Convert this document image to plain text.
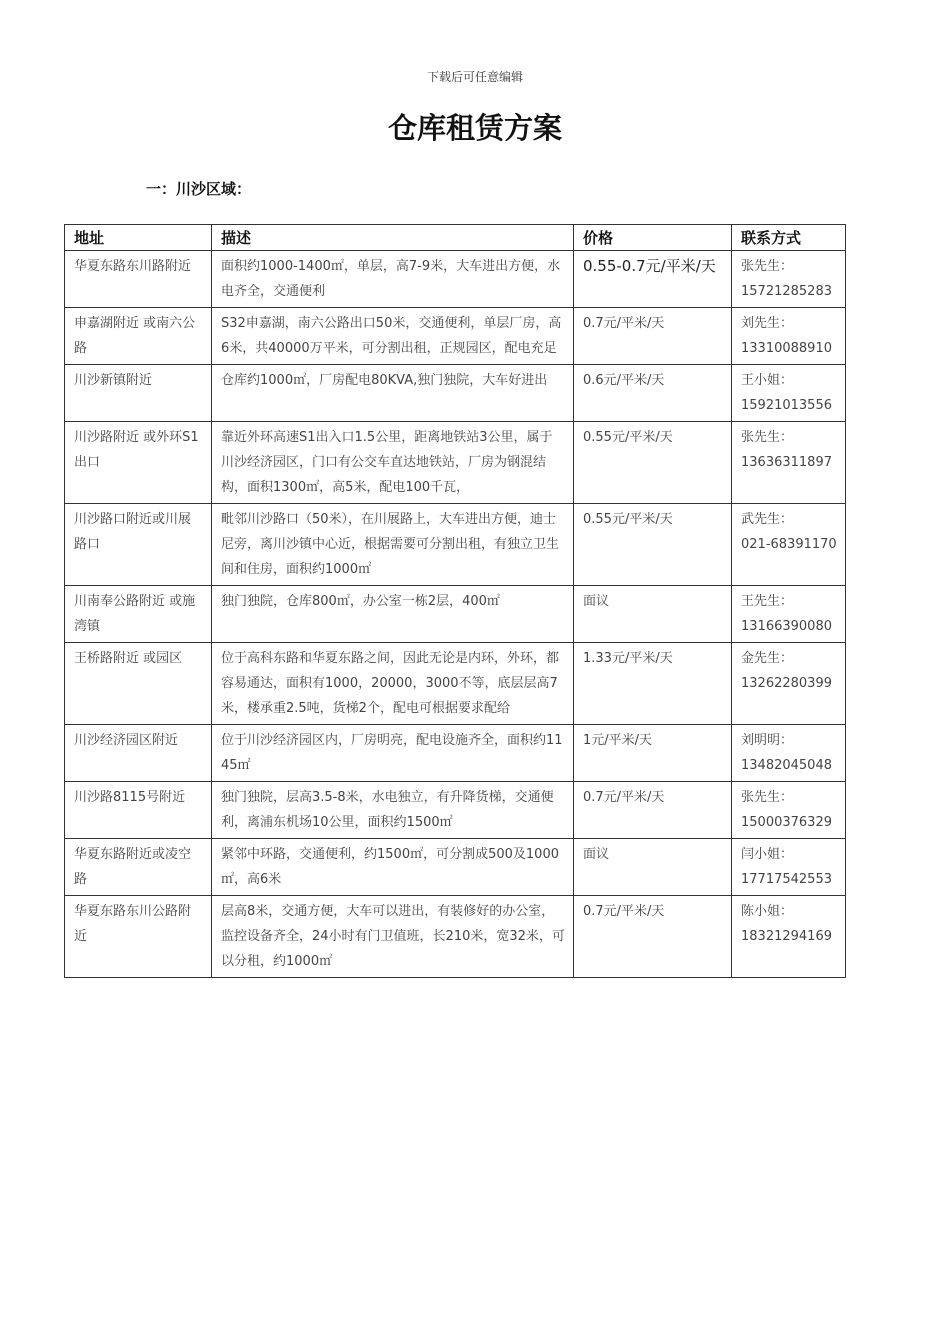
下载后可任意编辑
仓库租赁方案
一：川沙区域：
地址	描述	价格	联系方式
华夏东路东川路附近	面积约1000-1400㎡，单层，高7-9米，大车进出方便，水电齐全，交通便利	0.55-0.7元/平米/天	张先生：
15721285283

申嘉湖附近 或南六公路	S32申嘉湖，南六公路出口50米，交通便利，单层厂房，高6米，共40000万平米，可分割出租，正规园区，配电充足	0.7元/平米/天	刘先生：
13310088910

川沙新镇附近	仓库约1000㎡，厂房配电80KVA,独门独院，大车好进出	0.6元/平米/天	王小姐：
15921013556

川沙路附近 或外环S1出口	靠近外环高速S1出入口1.5公里，距离地铁站3公里，属于川沙经济园区，门口有公交车直达地铁站，厂房为钢混结构，面积1300㎡，高5米，配电100千瓦，	0.55元/平米/天	张先生：
13636311897

川沙路口附近或川展路口	毗邻川沙路口（50米），在川展路上，大车进出方便，迪士尼旁，离川沙镇中心近，根据需要可分割出租，有独立卫生间和住房，面积约1000㎡	0.55元/平米/天	武先生：
021-68391170

川南奉公路附近 或施湾镇	独门独院，仓库800㎡，办公室一栋2层，400㎡	面议	王先生：
13166390080

王桥路附近 或园区	位于高科东路和华夏东路之间，因此无论是内环，外环，都容易通达，面积有1000，20000，3000不等，底层层高7米，楼承重2.5吨，货梯2个，配电可根据要求配给	1.33元/平米/天	金先生：
13262280399

川沙经济园区附近	位于川沙经济园区内，厂房明亮，配电设施齐全，面积约1145㎡	1元/平米/天	刘明明：
13482045048

川沙路8115号附近	独门独院，层高3.5-8米，水电独立，有升降货梯，交通便利，离浦东机场10公里，面积约1500㎡	0.7元/平米/天	张先生：
15000376329

华夏东路附近或凌空路	紧邻中环路，交通便利，约1500㎡，可分割成500及1000㎡，高6米	面议	闫小姐：
17717542553

华夏东路东川公路附近	层高8米，交通方便，大车可以进出，有装修好的办公室，监控设备齐全，24小时有门卫值班，长210米，宽32米，可以分租，约1000㎡	0.7元/平米/天	陈小姐：
18321294169
